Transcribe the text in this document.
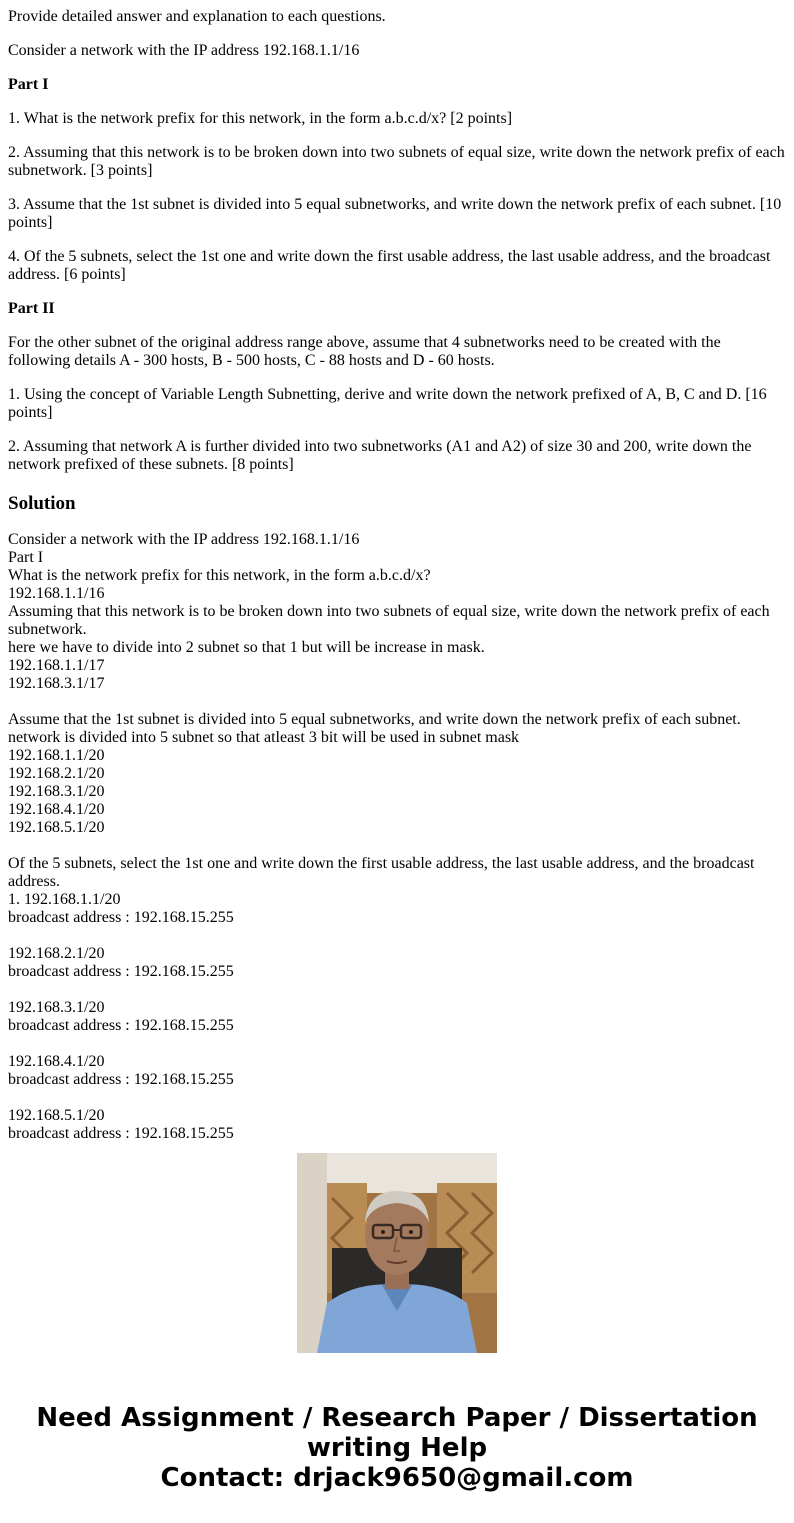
Provide detailed answer and explanation to each questions.

Consider a network with the IP address 192.168.1.1/16

Part I

1. What is the network prefix for this network, in the form a.b.c.d/x? [2 points]

2. Assuming that this network is to be broken down into two subnets of equal size, write down the network prefix of each subnetwork. [3 points]

3. Assume that the 1st subnet is divided into 5 equal subnetworks, and write down the network prefix of each subnet. [10 points]

4. Of the 5 subnets, select the 1st one and write down the first usable address, the last usable address, and the broadcast address. [6 points]

Part II

For the other subnet of the original address range above, assume that 4 subnetworks need to be created with the following details A - 300 hosts, B - 500 hosts, C - 88 hosts and D - 60 hosts.

1. Using the concept of Variable Length Subnetting, derive and write down the network prefixed of A, B, C and D. [16 points]

2. Assuming that network A is further divided into two subnetworks (A1 and A2) of size 30 and 200, write down the network prefixed of these subnets. [8 points]

Solution
Consider a network with the IP address 192.168.1.1/16
Part I
What is the network prefix for this network, in the form a.b.c.d/x?
192.168.1.1/16
Assuming that this network is to be broken down into two subnets of equal size, write down the network prefix of each subnetwork.
here we have to divide into 2 subnet so that 1 but will be increase in mask.
192.168.1.1/17
192.168.3.1/17
Assume that the 1st subnet is divided into 5 equal subnetworks, and write down the network prefix of each subnet.
network is divided into 5 subnet so that atleast 3 bit will be used in subnet mask
192.168.1.1/20
192.168.2.1/20
192.168.3.1/20
192.168.4.1/20
192.168.5.1/20
Of the 5 subnets, select the 1st one and write down the first usable address, the last usable address, and the broadcast address.
1. 192.168.1.1/20
broadcast address : 192.168.15.255
192.168.2.1/20
broadcast address : 192.168.15.255
192.168.3.1/20
broadcast address : 192.168.15.255
192.168.4.1/20
broadcast address : 192.168.15.255
192.168.5.1/20
broadcast address : 192.168.15.255
Need Assignment / Research Paper / Dissertation
writing Help
Contact: drjack9650@gmail.com
